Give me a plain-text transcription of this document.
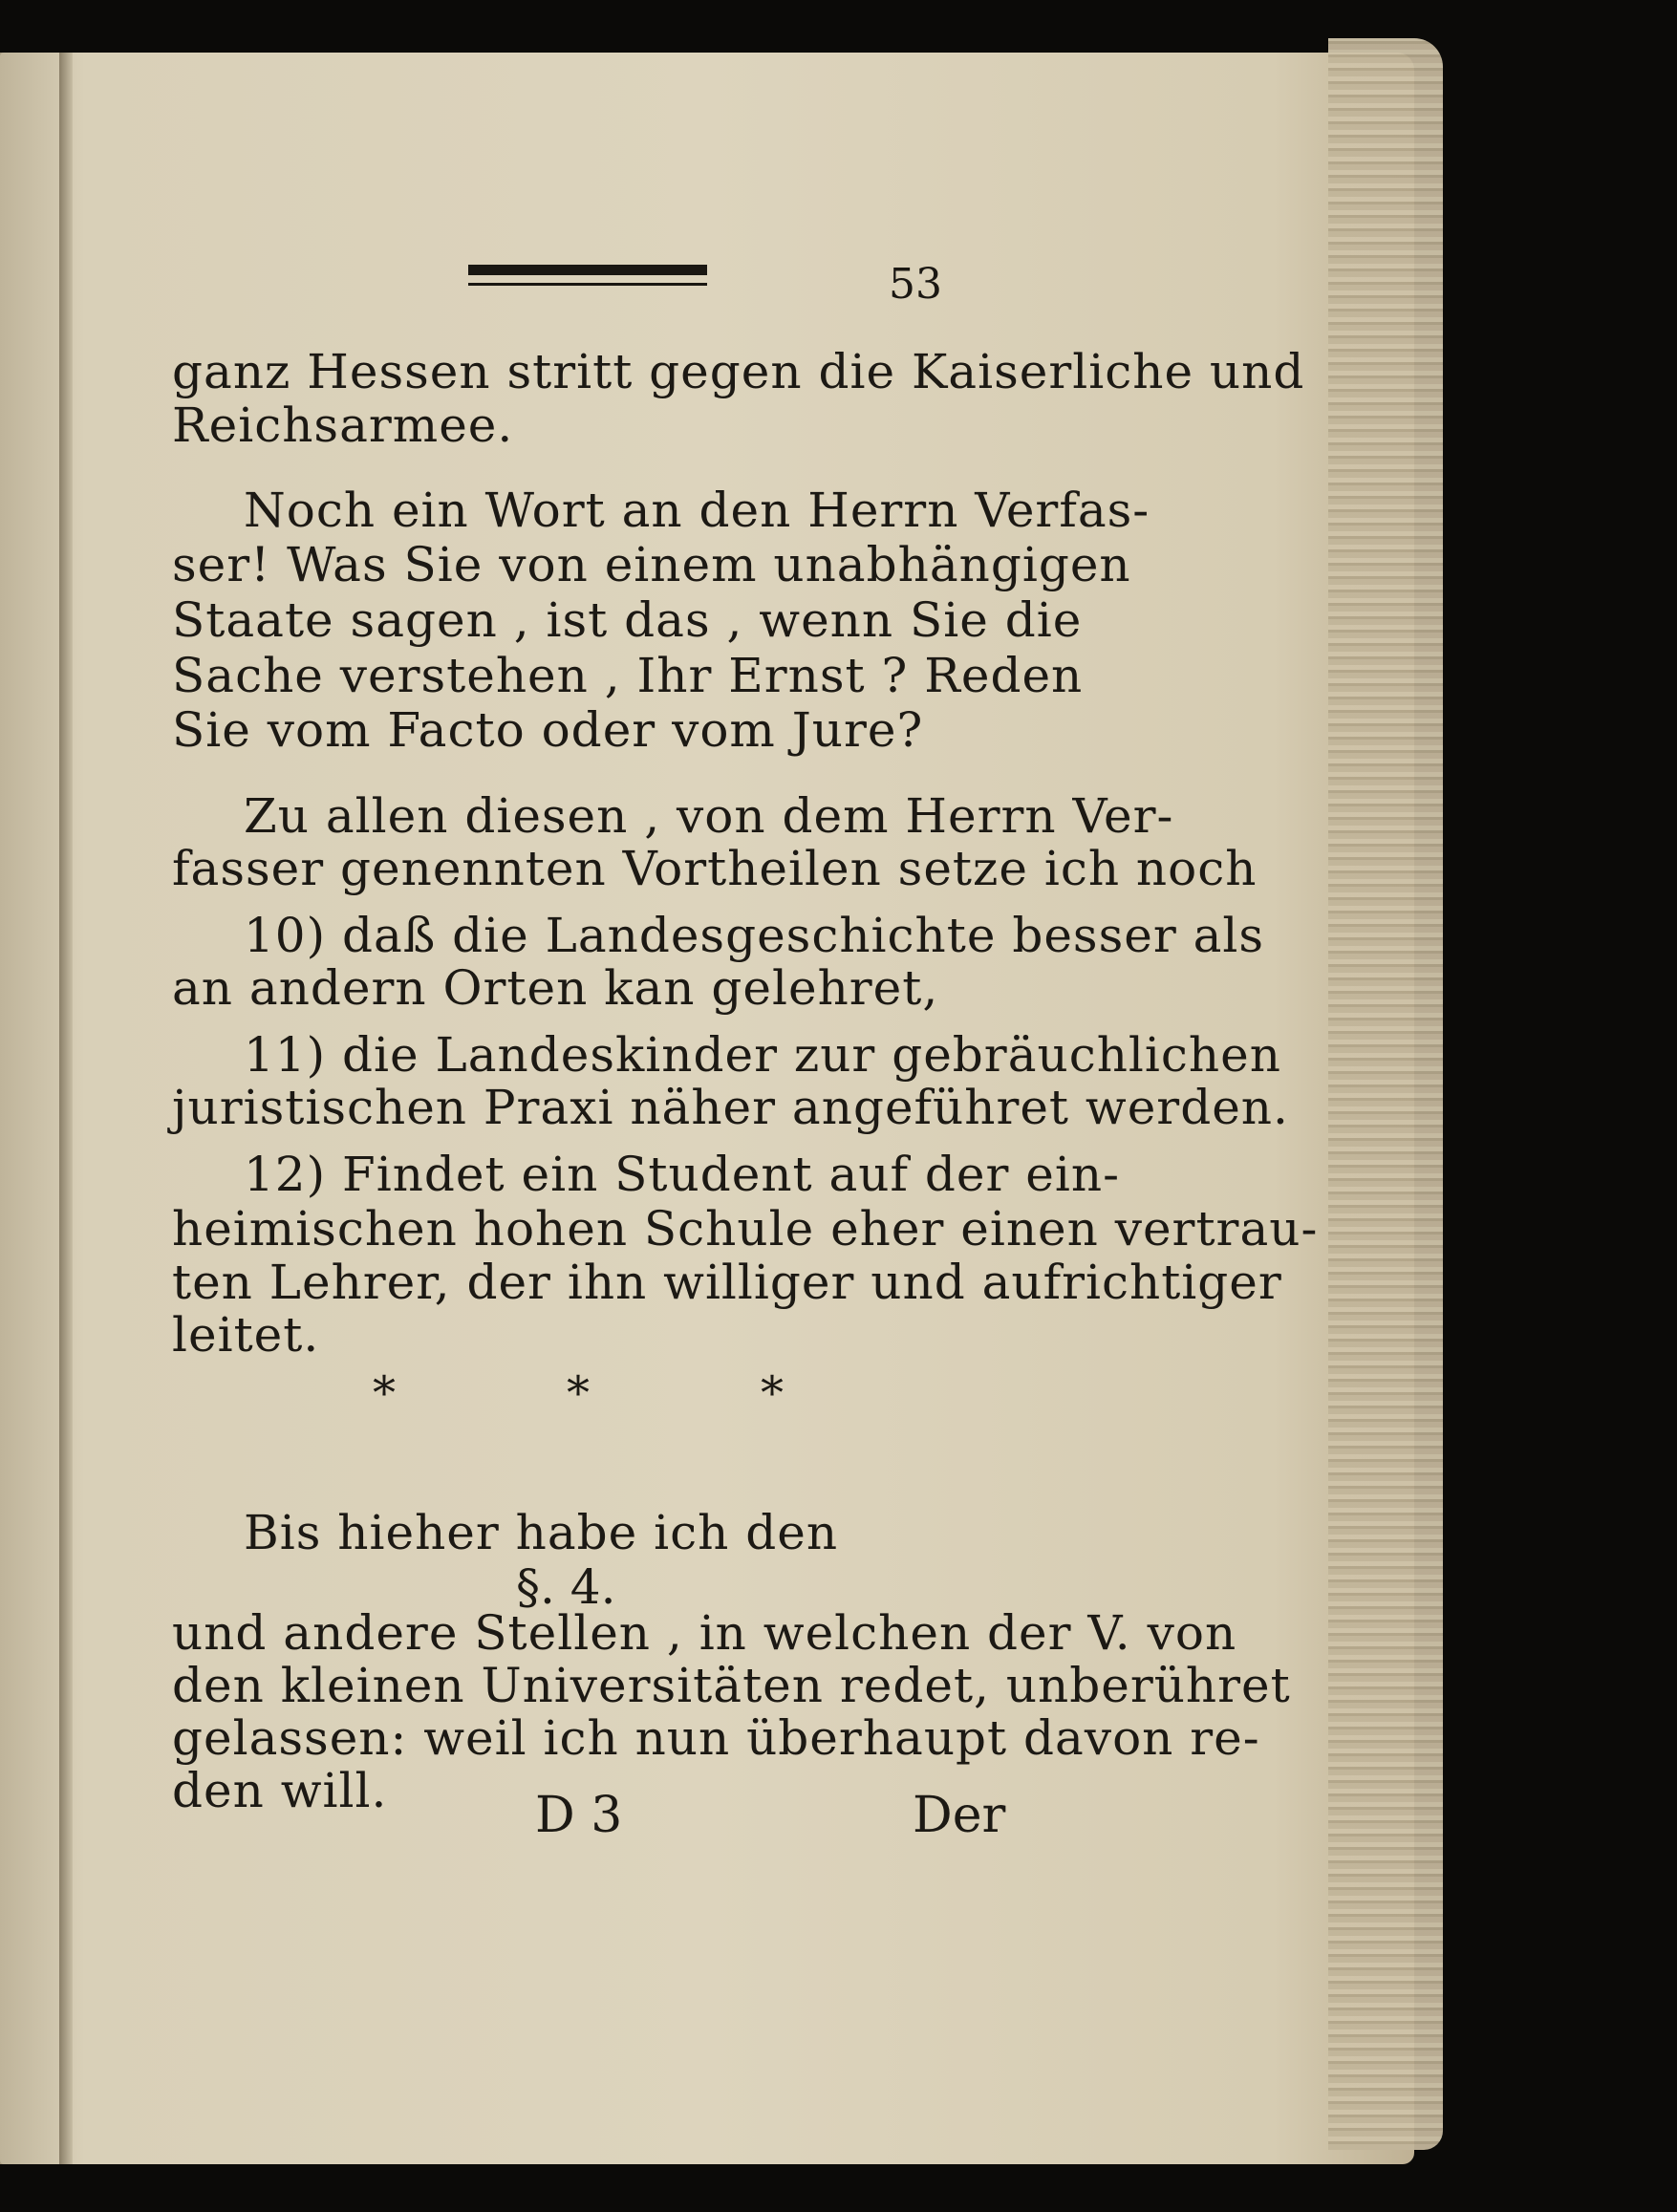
53
ganz Hessen stritt gegen die Kaiserliche und
Reichsarmee.
Noch ein Wort an den Herrn Verfas-
ser! Was Sie von einem unabhängigen
Staate sagen , ist das , wenn Sie die
Sache verstehen , Ihr Ernst ? Reden
Sie vom Facto oder vom Jure?
Zu allen diesen , von dem Herrn Ver-
fasser genennten Vortheilen setze ich noch
10) daß die Landesgeschichte besser als
an andern Orten kan gelehret,
11) die Landeskinder zur gebräuchlichen
juristischen Praxi näher angeführet werden.
12) Findet ein Student auf der ein-
heimischen hohen Schule eher einen vertrau-
ten Lehrer, der ihn williger und aufrichtiger
leitet.
*	*	*
Bis hieher habe ich den
§. 4.
und andere Stellen , in welchen der V. von
den kleinen Universitäten redet, unberühret
gelassen: weil ich nun überhaupt davon re-
den will.	D 3	Der
